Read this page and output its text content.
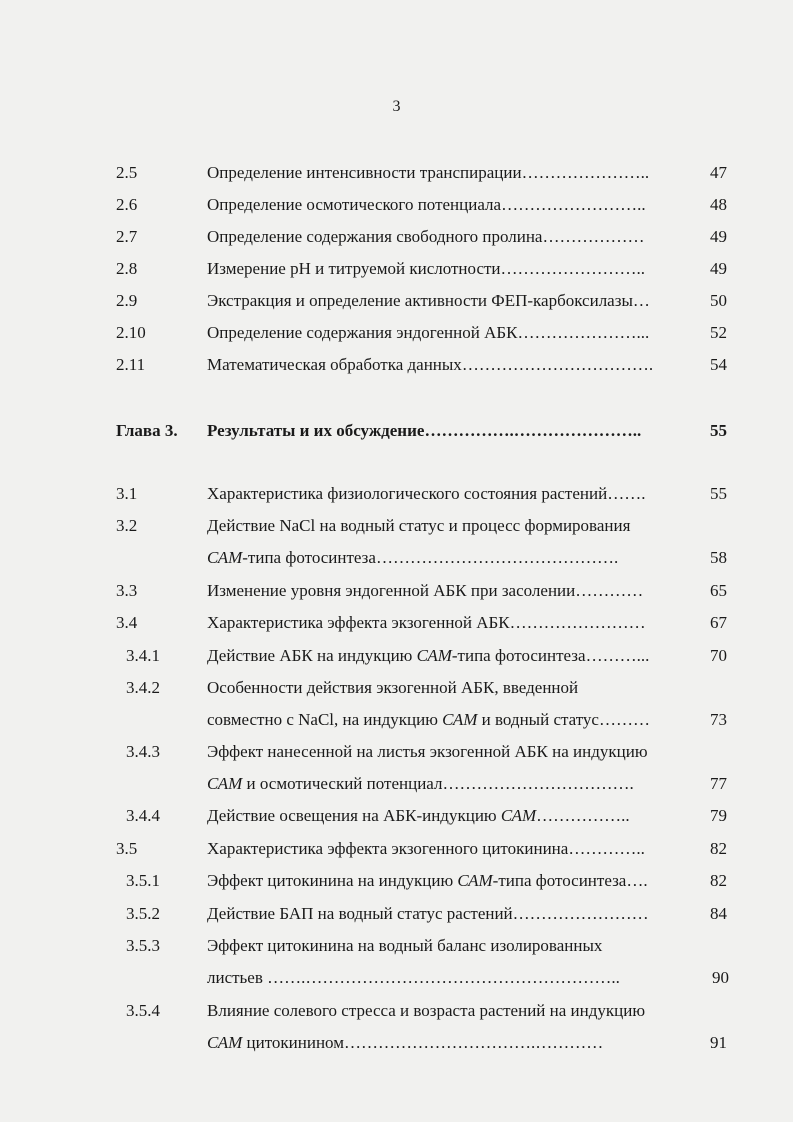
3
2.5	Определение интенсивности транспирации…………………..	47
2.6	Определение осмотического потенциала……………………..	48
2.7	Определение содержания свободного пролина………………	49
2.8	Измерение pH и титруемой кислотности……………………..	49
2.9	Экстракция и определение активности ФЕП-карбоксилазы…	50
2.10	Определение содержания эндогенной АБК…………………...	52
2.11	Математическая обработка данных…………………………….	54
Глава 3. Результаты и их обсуждение…………….…………………..	55
3.1	Характеристика физиологического состояния растений…….	55
3.2	Действие NaCl на водный статус и процесс формирования
САМ-типа фотосинтеза…………………………………….	58
3.3	Изменение уровня эндогенной АБК при засолении…………	65
3.4	Характеристика эффекта экзогенной АБК……………………	67
3.4.1	Действие АБК на индукцию САМ-типа фотосинтеза………...	70
3.4.2	Особенности действия экзогенной АБК, введенной
совместно с NaCl, на индукцию САМ и водный статус………	73
3.4.3	Эффект нанесенной на листья экзогенной АБК на индукцию
САМ и осмотический потенциал…………………………….	77
3.4.4	Действие освещения на АБК-индукцию САМ……………..	79
3.5	Характеристика эффекта экзогенного цитокинина…………..	82
3.5.1	Эффект цитокинина на индукцию САМ-типа фотосинтеза….	82
3.5.2	Действие БАП на водный статус растений……………………	84
3.5.3	Эффект цитокинина на водный баланс изолированных
листьев …….………………………………………………..	90
3.5.4	Влияние солевого стресса и возраста растений на индукцию
САМ цитокинином…………………………….…………	91
